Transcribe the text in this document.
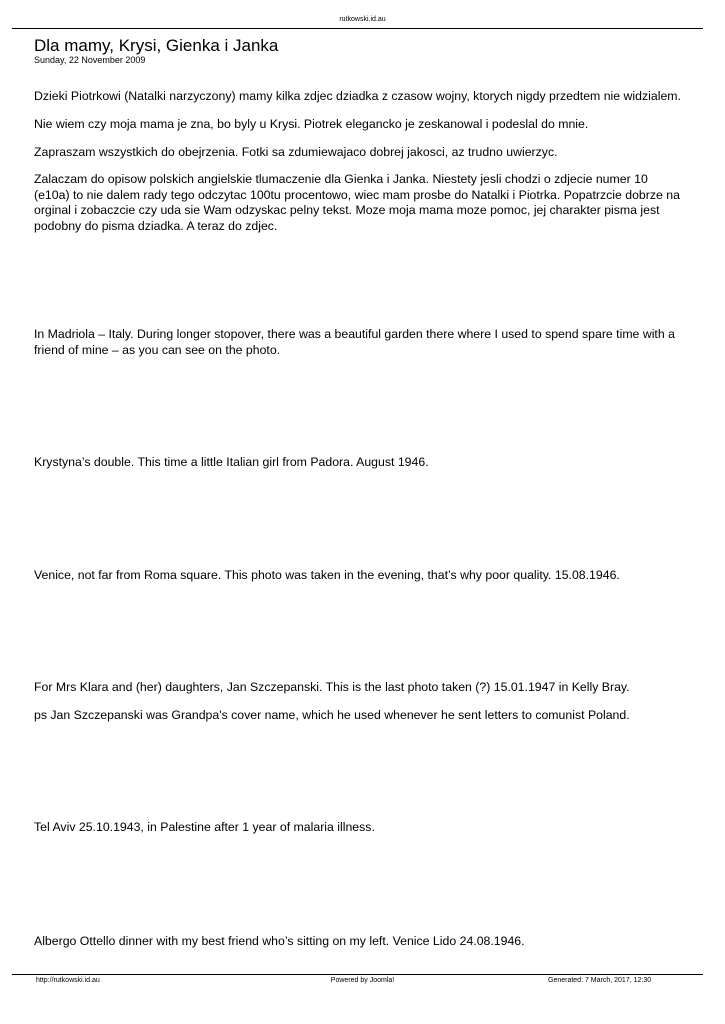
rutkowski.id.au
Dla mamy, Krysi, Gienka i Janka
Sunday, 22 November 2009

Dzieki Piotrkowi (Natalki narzyczony) mamy kilka zdjec dziadka z czasow wojny, ktorych nigdy przedtem nie widzialem.

Nie wiem czy moja mama je zna, bo byly u Krysi. Piotrek elegancko je zeskanowal i podeslal do mnie.

Zapraszam wszystkich do obejrzenia. Fotki sa zdumiewajaco dobrej jakosci, az trudno uwierzyc.

Zalaczam do opisow polskich angielskie tlumaczenie dla Gienka i Janka. Niestety jesli chodzi o zdjecie numer 10 (e10a) to nie dalem rady tego odczytac 100tu procentowo, wiec mam prosbe do Natalki i Piotrka. Popatrzcie dobrze na orginal i zobaczcie czy uda sie Wam odzyskac pelny tekst. Moze moja mama moze pomoc, jej charakter pisma jest podobny do pisma dziadka. A teraz do zdjec.

In Madriola – Italy. During longer stopover, there was a beautiful garden there where I used to spend spare time with a friend of mine – as you can see on the photo.

Krystyna’s double. This time a little Italian girl from Padora. August 1946.

Venice, not far from Roma square. This photo was taken in the evening, that’s why poor quality. 15.08.1946.

For Mrs Klara and (her) daughters, Jan Szczepanski. This is the last photo taken (?) 15.01.1947 in Kelly Bray.

ps Jan Szczepanski was Grandpa's cover name, which he used whenever he sent letters to comunist Poland.

Tel Aviv 25.10.1943, in Palestine after 1 year of malaria illness.

Albergo Ottello dinner with my best friend who’s sitting on my left. Venice Lido 24.08.1946.

http://rutkowski.id.au	Powered by Joomla!	Generated: 7 March, 2017, 12:30
